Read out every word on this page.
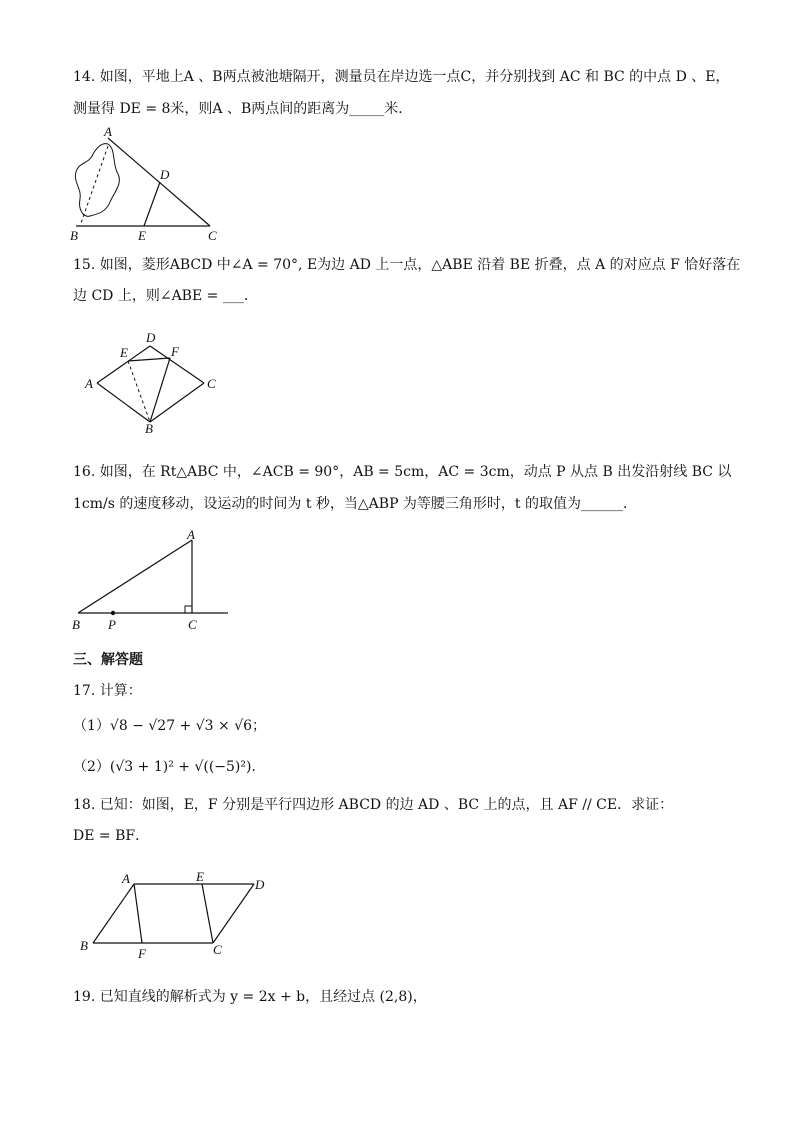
14. 如图，平地上A 、B两点被池塘隔开，测量员在岸边选一点C，并分别找到 AC 和 BC 的中点 D 、E，
测量得 DE = 8米，则A 、B两点间的距离为_____米．
A
B	C
D
E
15. 如图，菱形ABCD 中∠A = 70°, E为边 AD 上一点，△ABE 沿着 BE 折叠，点 A 的对应点 F 恰好落在
边 CD 上，则∠ABE = ___．
A
B
C
D
E	F
16. 如图，在 Rt△ABC 中，∠ACB = 90°，AB = 5cm，AC = 3cm，动点 P 从点 B 出发沿射线 BC 以
1cm/s 的速度移动，设运动的时间为 t 秒，当△ABP 为等腰三角形时，t 的取值为______．
B P	C
A
三、解答题
17. 计算：
（1）√8 − √27 + √3 × √6；
（2）(√3 + 1)² + √((−5)²)．
18. 已知：如图，E，F 分别是平行四边形 ABCD 的边 AD 、BC 上的点，且 AF // CE．求证：
DE = BF．
A
B	C
D
E
F
19. 已知直线的解析式为 y = 2x + b，且经过点 (2,8)，
